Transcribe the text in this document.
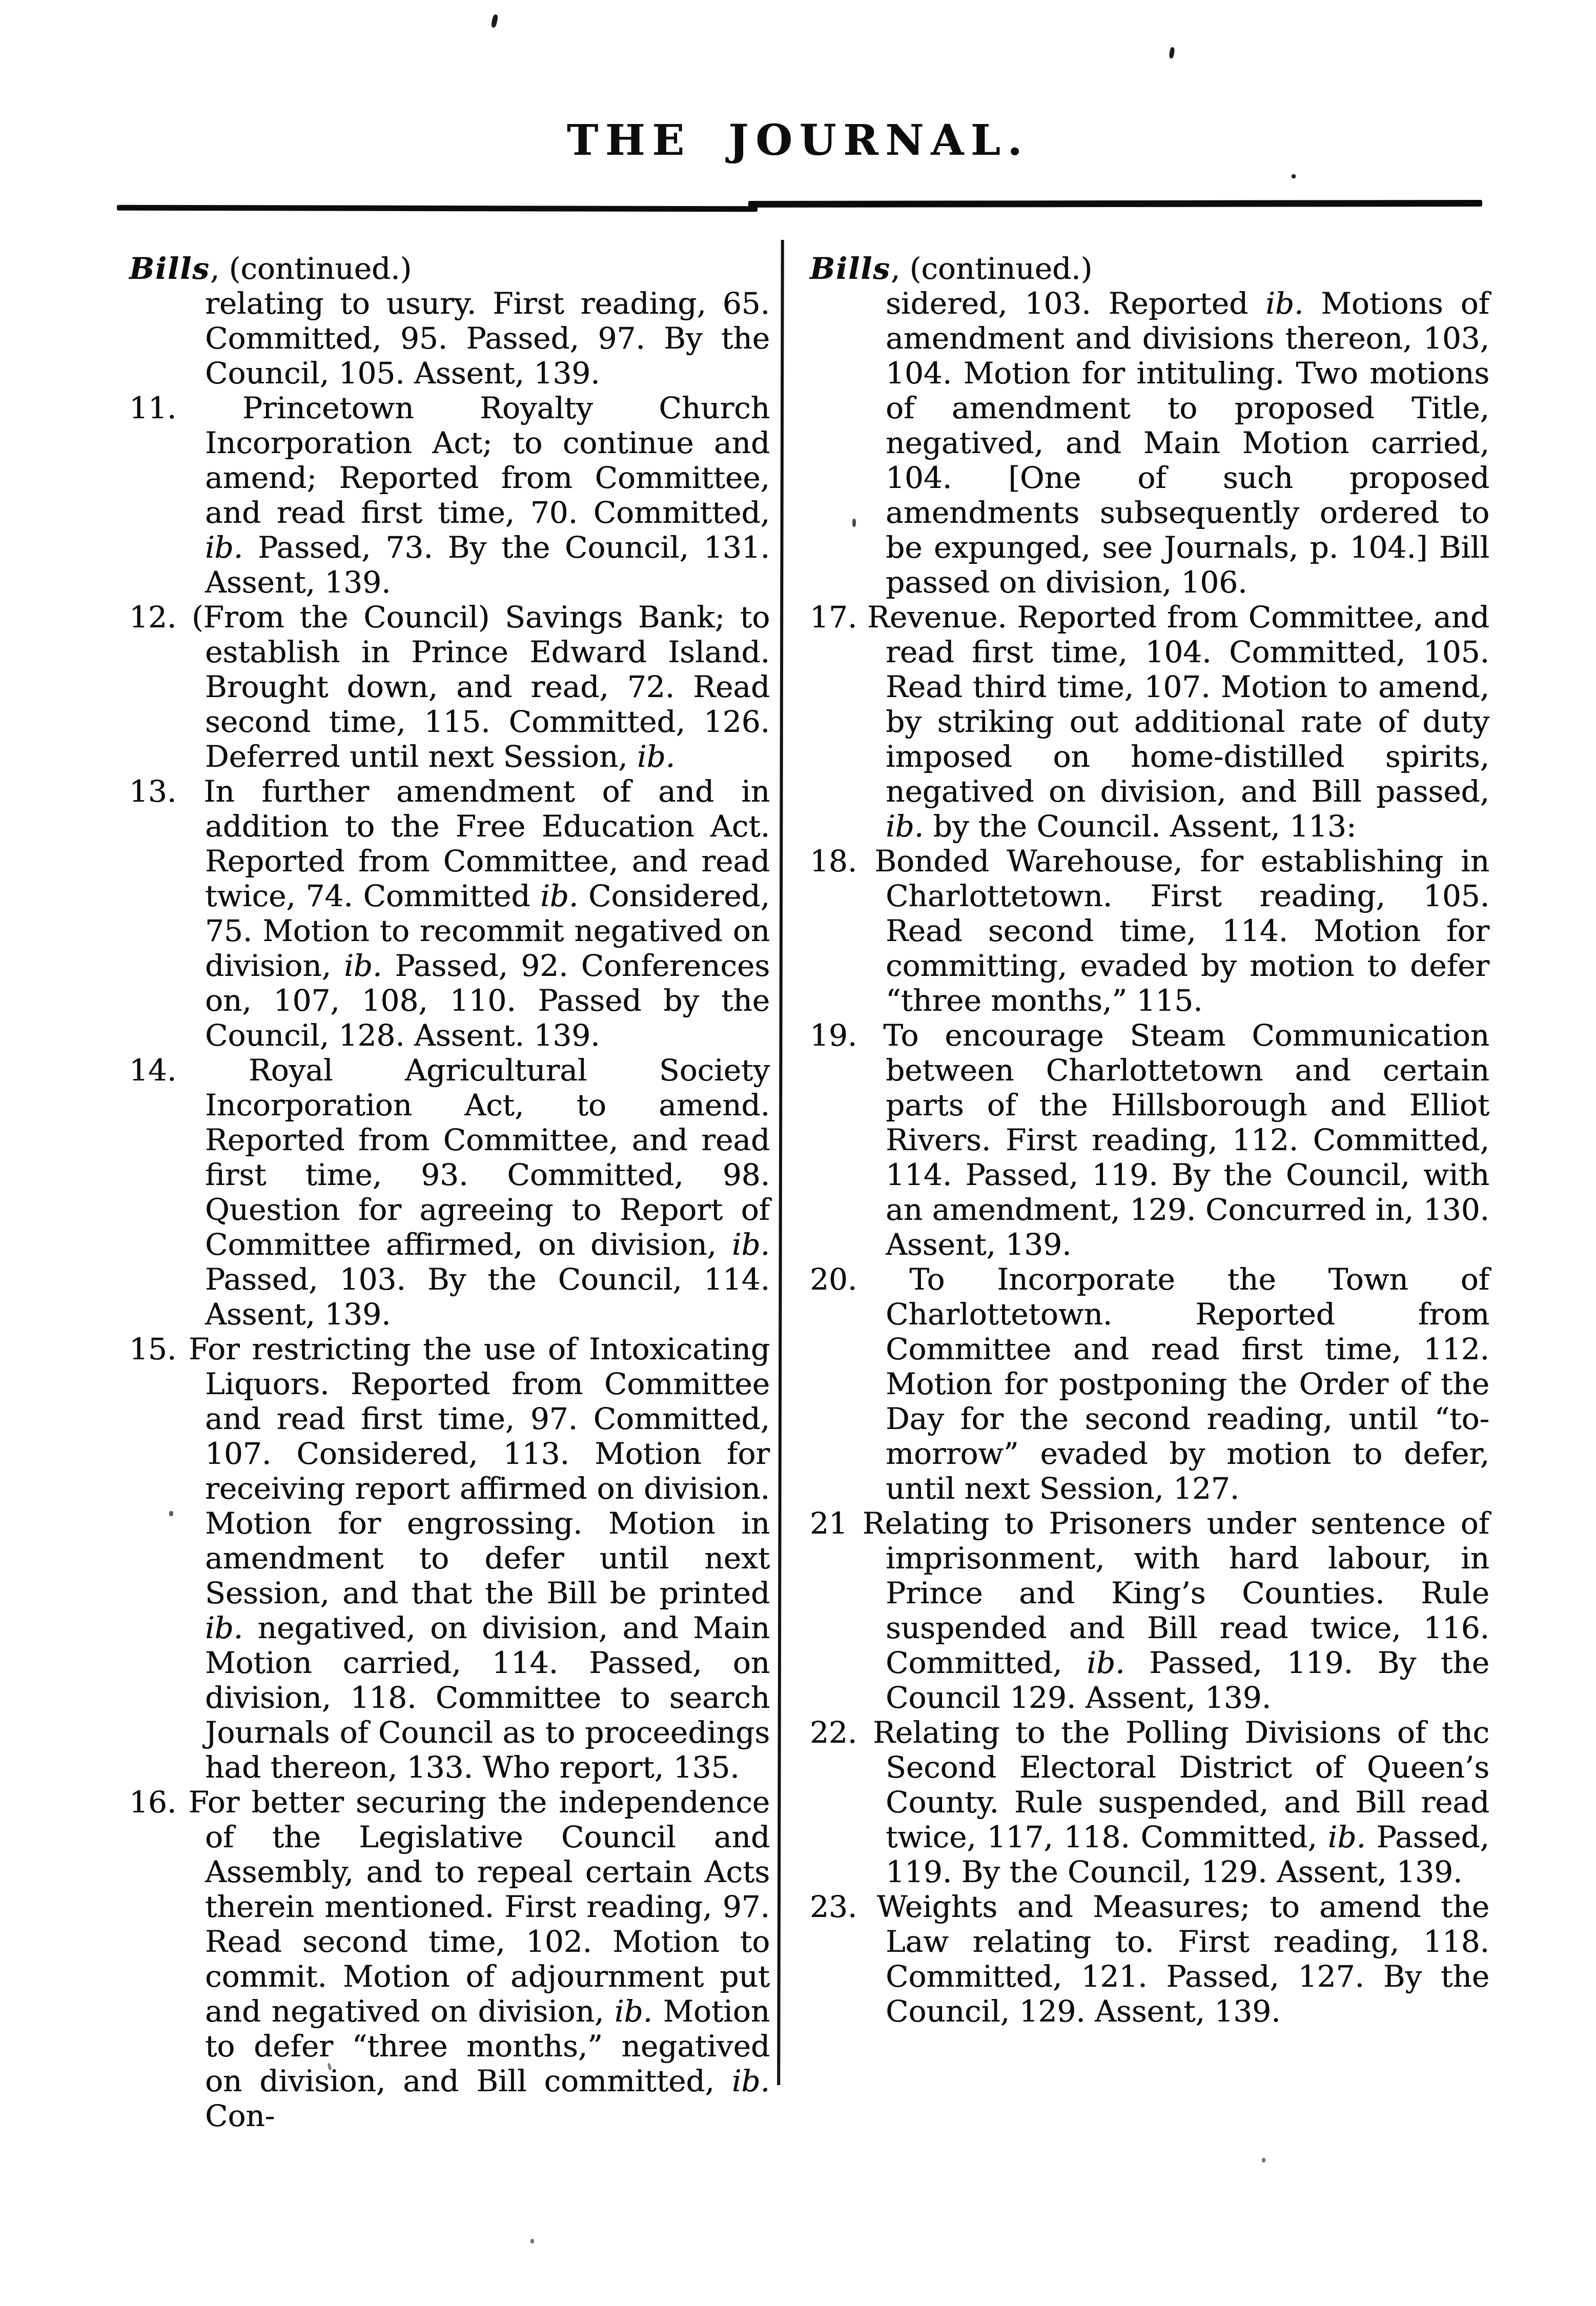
THE JOURNAL.

Bills, (continued.)

relating to usury. First reading, 65. Committed, 95. Passed, 97. By the Council, 105. Assent, 139.

11. Princetown Royalty Church Incorporation Act; to continue and amend; Reported from Committee, and read first time, 70. Committed, ib. Passed, 73. By the Council, 131. Assent, 139.

12. (From the Council) Savings Bank; to establish in Prince Edward Island. Brought down, and read, 72. Read second time, 115. Committed, 126. Deferred until next Session, ib.

13. In further amendment of and in addition to the Free Education Act. Reported from Committee, and read twice, 74. Committed ib. Considered, 75. Motion to recommit negatived on division, ib. Passed, 92. Conferences on, 107, 108, 110. Passed by the Council, 128. Assent. 139.

14. Royal Agricultural Society Incorporation Act, to amend. Reported from Committee, and read first time, 93. Committed, 98. Question for agreeing to Report of Committee affirmed, on division, ib. Passed, 103. By the Council, 114. Assent, 139.

15. For restricting the use of Intoxicating Liquors. Reported from Committee and read first time, 97. Committed, 107. Considered, 113. Motion for receiving report affirmed on division. Motion for engrossing. Motion in amendment to defer until next Session, and that the Bill be printed ib. negatived, on division, and Main Motion carried, 114. Passed, on division, 118. Committee to search Journals of Council as to proceedings had thereon, 133. Who report, 135.

16. For better securing the independence of the Legislative Council and Assembly, and to repeal certain Acts therein mentioned. First reading, 97. Read second time, 102. Motion to commit. Motion of adjournment put and negatived on division, ib. Motion to defer “three months,” negatived on division, and Bill committed, ib. Con-

Bills, (continued.)

sidered, 103. Reported ib. Motions of amendment and divisions thereon, 103, 104. Motion for intituling. Two motions of amendment to proposed Title, negatived, and Main Motion carried, 104. [One of such proposed amendments subsequently ordered to be expunged, see Journals, p. 104.] Bill passed on division, 106.

17. Revenue. Reported from Committee, and read first time, 104. Committed, 105. Read third time, 107. Motion to amend, by striking out additional rate of duty imposed on home-distilled spirits, negatived on division, and Bill passed, ib. by the Council. Assent, 113:

18. Bonded Warehouse, for establishing in Charlottetown. First reading, 105. Read second time, 114. Motion for committing, evaded by motion to defer “three months,” 115.

19. To encourage Steam Communication between Charlottetown and certain parts of the Hillsborough and Elliot Rivers. First reading, 112. Committed, 114. Passed, 119. By the Council, with an amendment, 129. Concurred in, 130. Assent, 139.

20. To Incorporate the Town of Charlottetown. Reported from Committee and read first time, 112. Motion for postponing the Order of the Day for the second reading, until “to-morrow” evaded by motion to defer, until next Session, 127.

21 Relating to Prisoners under sentence of imprisonment, with hard labour, in Prince and King’s Counties. Rule suspended and Bill read twice, 116. Committed, ib. Passed, 119. By the Council 129. Assent, 139.

22. Relating to the Polling Divisions of thc Second Electoral District of Queen’s County. Rule suspended, and Bill read twice, 117, 118. Committed, ib. Passed, 119. By the Council, 129. Assent, 139.

23. Weights and Measures; to amend the Law relating to. First reading, 118. Committed, 121. Passed, 127. By the Council, 129. Assent, 139.
